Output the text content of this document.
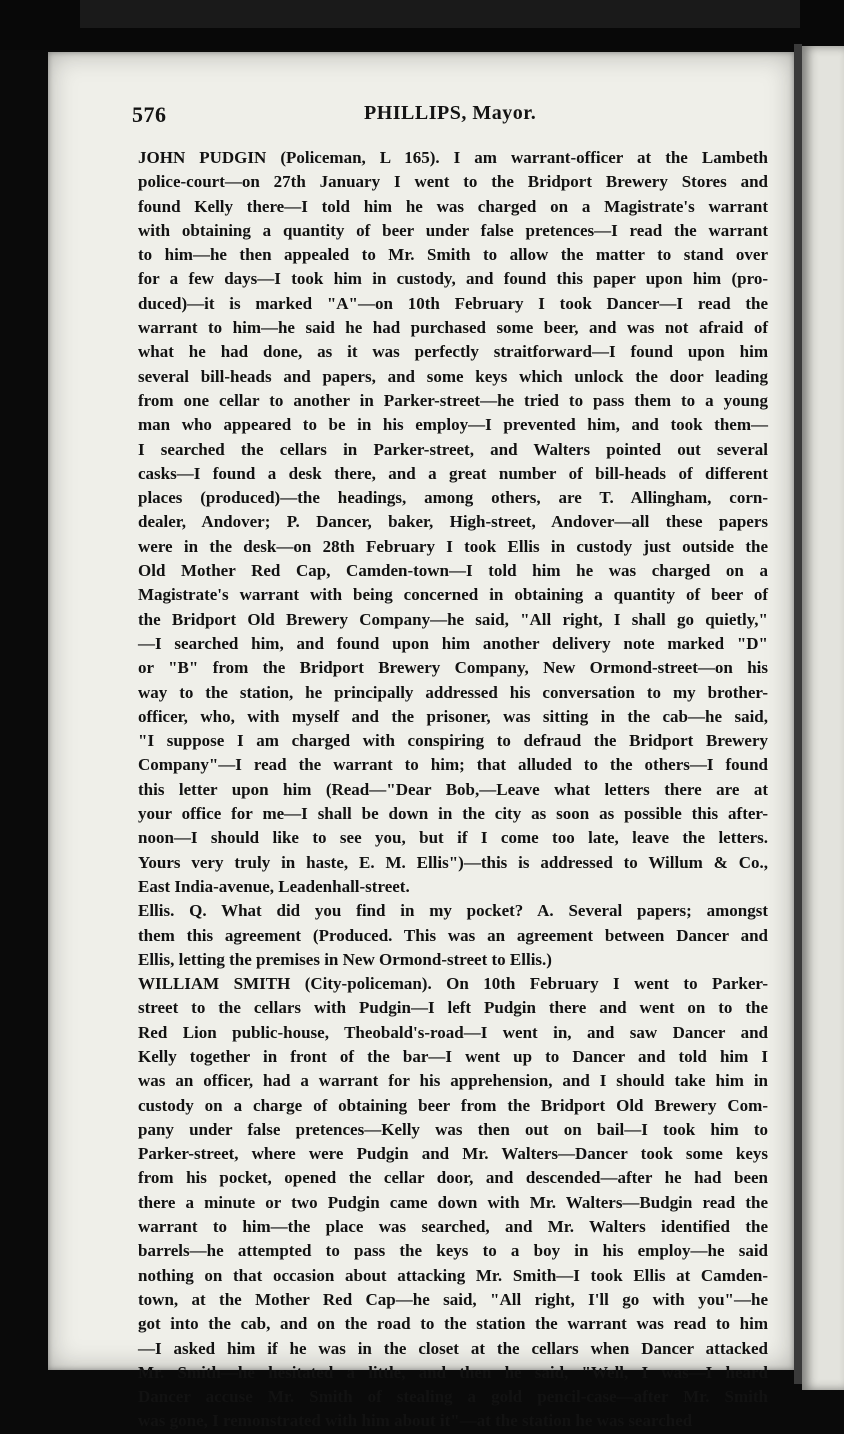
576	PHILLIPS, Mayor.
JOHN PUDGIN (Policeman, L 165). I am warrant-officer at the Lambeth
police-court—on 27th January I went to the Bridport Brewery Stores and
found Kelly there—I told him he was charged on a Magistrate's warrant
with obtaining a quantity of beer under false pretences—I read the warrant
to him—he then appealed to Mr. Smith to allow the matter to stand over
for a few days—I took him in custody, and found this paper upon him (pro-
duced)—it is marked "A"—on 10th February I took Dancer—I read the
warrant to him—he said he had purchased some beer, and was not afraid of
what he had done, as it was perfectly straitforward—I found upon him
several bill-heads and papers, and some keys which unlock the door leading
from one cellar to another in Parker-street—he tried to pass them to a young
man who appeared to be in his employ—I prevented him, and took them—
I searched the cellars in Parker-street, and Walters pointed out several
casks—I found a desk there, and a great number of bill-heads of different
places (produced)—the headings, among others, are T. Allingham, corn-
dealer, Andover; P. Dancer, baker, High-street, Andover—all these papers
were in the desk—on 28th February I took Ellis in custody just outside the
Old Mother Red Cap, Camden-town—I told him he was charged on a
Magistrate's warrant with being concerned in obtaining a quantity of beer of
the Bridport Old Brewery Company—he said, "All right, I shall go quietly,"
—I searched him, and found upon him another delivery note marked "D"
or "B" from the Bridport Brewery Company, New Ormond-street—on his
way to the station, he principally addressed his conversation to my brother-
officer, who, with myself and the prisoner, was sitting in the cab—he said,
"I suppose I am charged with conspiring to defraud the Bridport Brewery
Company"—I read the warrant to him; that alluded to the others—I found
this letter upon him (Read—"Dear Bob,—Leave what letters there are at
your office for me—I shall be down in the city as soon as possible this after-
noon—I should like to see you, but if I come too late, leave the letters.
Yours very truly in haste, E. M. Ellis")—this is addressed to Willum & Co.,
East India-avenue, Leadenhall-street.
Ellis. Q. What did you find in my pocket? A. Several papers; amongst
them this agreement (Produced. This was an agreement between Dancer and
Ellis, letting the premises in New Ormond-street to Ellis.)
WILLIAM SMITH (City-policeman). On 10th February I went to Parker-
street to the cellars with Pudgin—I left Pudgin there and went on to the
Red Lion public-house, Theobald's-road—I went in, and saw Dancer and
Kelly together in front of the bar—I went up to Dancer and told him I
was an officer, had a warrant for his apprehension, and I should take him in
custody on a charge of obtaining beer from the Bridport Old Brewery Com-
pany under false pretences—Kelly was then out on bail—I took him to
Parker-street, where were Pudgin and Mr. Walters—Dancer took some keys
from his pocket, opened the cellar door, and descended—after he had been
there a minute or two Pudgin came down with Mr. Walters—Budgin read the
warrant to him—the place was searched, and Mr. Walters identified the
barrels—he attempted to pass the keys to a boy in his employ—he said
nothing on that occasion about attacking Mr. Smith—I took Ellis at Camden-
town, at the Mother Red Cap—he said, "All right, I'll go with you"—he
got into the cab, and on the road to the station the warrant was read to him
—I asked him if he was in the closet at the cellars when Dancer attacked
Mr. Smith—he hesitated a little, and then he said, "Well, I was—I heard
Dancer accuse Mr. Smith of stealing a gold pencil-case—after Mr. Smith
was gone, I remonstrated with him about it"—at the station he was searched
